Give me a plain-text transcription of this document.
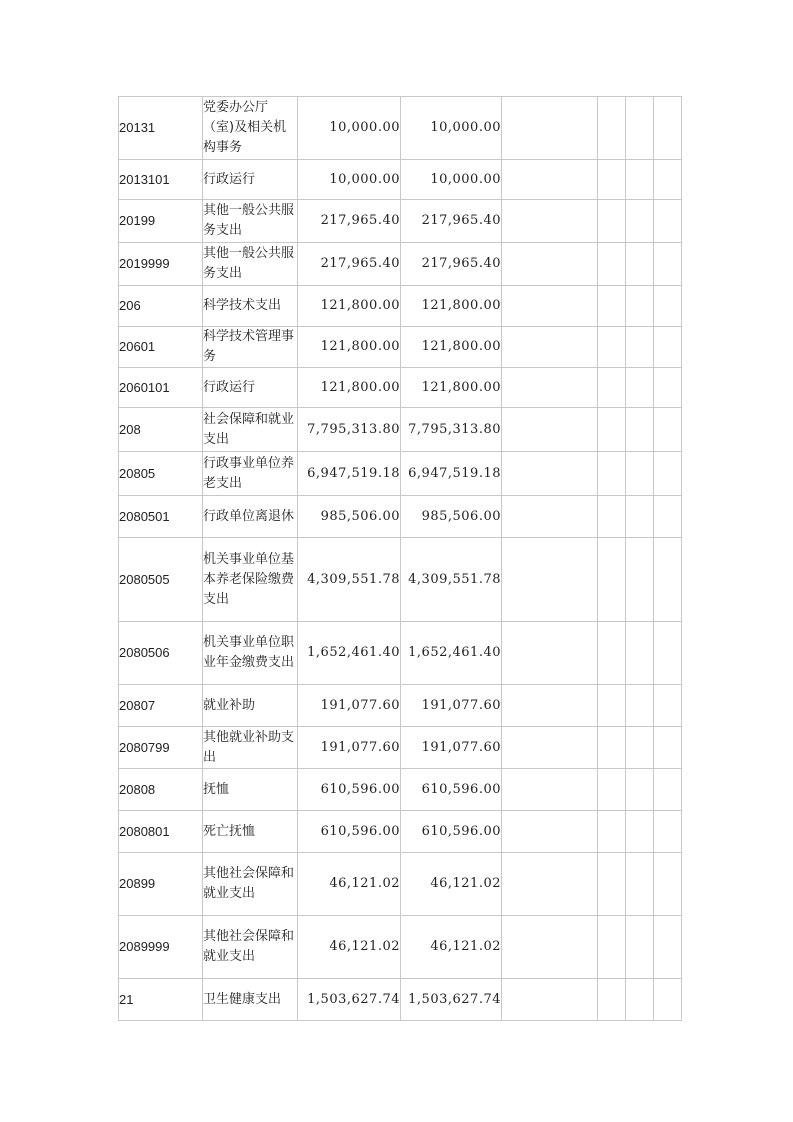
20131	党委办公厅（室)及相关机构事务	10,000.00	10,000.00				
2013101	行政运行	10,000.00	10,000.00				
20199	其他一般公共服务支出	217,965.40	217,965.40				
2019999	其他一般公共服务支出	217,965.40	217,965.40				
206	科学技术支出	121,800.00	121,800.00				
20601	科学技术管理事务	121,800.00	121,800.00				
2060101	行政运行	121,800.00	121,800.00				
208	社会保障和就业支出	7,795,313.80	7,795,313.80				
20805	行政事业单位养老支出	6,947,519.18	6,947,519.18				
2080501	行政单位离退休	985,506.00	985,506.00				
2080505	机关事业单位基本养老保险缴费支出	4,309,551.78	4,309,551.78				
2080506	机关事业单位职业年金缴费支出	1,652,461.40	1,652,461.40				
20807	就业补助	191,077.60	191,077.60				
2080799	其他就业补助支出	191,077.60	191,077.60				
20808	抚恤	610,596.00	610,596.00				
2080801	死亡抚恤	610,596.00	610,596.00				
20899	其他社会保障和就业支出	46,121.02	46,121.02				
2089999	其他社会保障和就业支出	46,121.02	46,121.02				
21	卫生健康支出	1,503,627.74	1,503,627.74				
